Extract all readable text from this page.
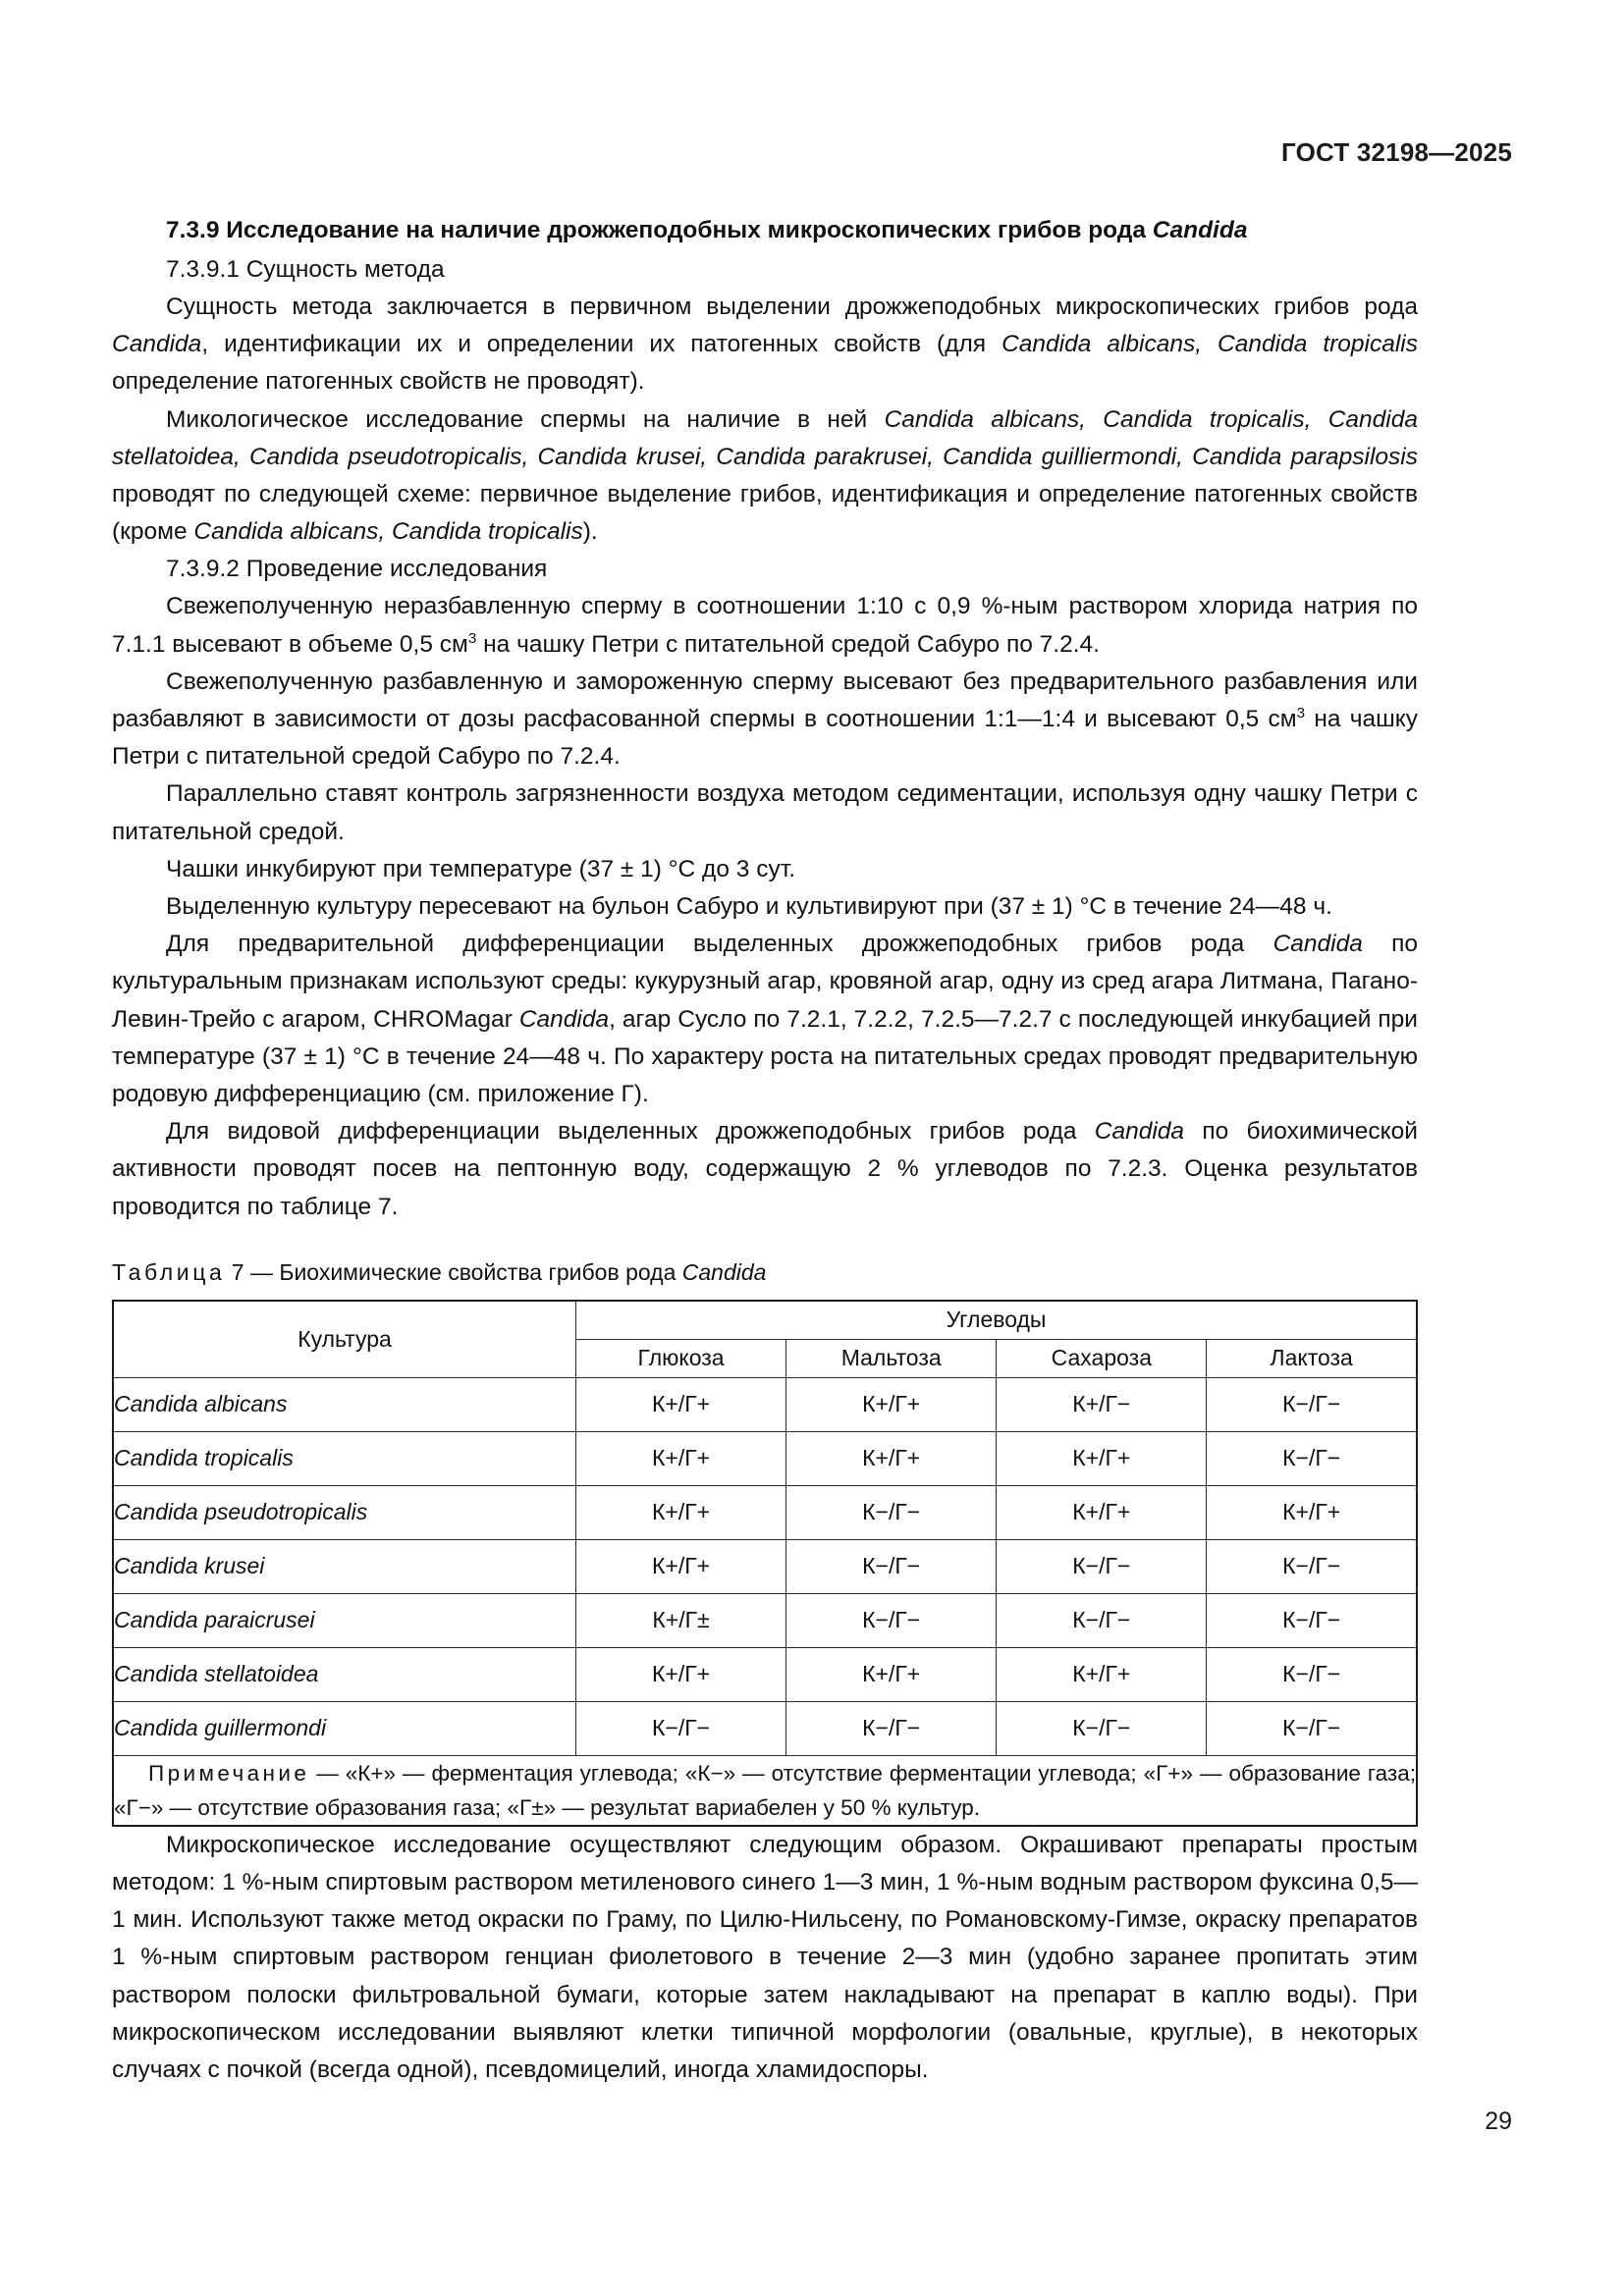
ГОСТ 32198—2025
7.3.9 Исследование на наличие дрожжеподобных микроскопических грибов рода Candida

7.3.9.1 Сущность метода

Сущность метода заключается в первичном выделении дрожжеподобных микроскопических грибов рода Candida, идентификации их и определении их патогенных свойств (для Candida albicans, Candida tropicalis определение патогенных свойств не проводят).

Микологическое исследование спермы на наличие в ней Candida albicans, Candida tropicalis, Candida stellatoidea, Candida pseudotropicalis, Candida krusei, Candida parakrusei, Candida guilliermondi, Candida parapsilosis проводят по следующей схеме: первичное выделение грибов, идентификация и определение патогенных свойств (кроме Candida albicans, Candida tropicalis).

7.3.9.2 Проведение исследования

Свежеполученную неразбавленную сперму в соотношении 1:10 с 0,9 %-ным раствором хлорида натрия по 7.1.1 высевают в объеме 0,5 $см^3$ на чашку Петри с питательной средой Сабуро по 7.2.4.

Свежеполученную разбавленную и замороженную сперму высевают без предварительного разбавления или разбавляют в зависимости от дозы расфасованной спермы в соотношении 1:1—1:4 и высевают 0,5 $см^3$ на чашку Петри с питательной средой Сабуро по 7.2.4.

Параллельно ставят контроль загрязненности воздуха методом седиментации, используя одну чашку Петри с питательной средой.

Чашки инкубируют при температуре (37 ± 1) °С до 3 сут.

Выделенную культуру пересевают на бульон Сабуро и культивируют при (37 ± 1) °С в течение 24—48 ч.

Для предварительной дифференциации выделенных дрожжеподобных грибов рода Candida по культуральным признакам используют среды: кукурузный агар, кровяной агар, одну из сред агара Литмана, Пагано-Левин-Трейо с агаром, CHROMagar Candida, агар Сусло по 7.2.1, 7.2.2, 7.2.5—7.2.7 с последующей инкубацией при температуре (37 ± 1) °С в течение 24—48 ч. По характеру роста на питательных средах проводят предварительную родовую дифференциацию (см. приложение Г).

Для видовой дифференциации выделенных дрожжеподобных грибов рода Candida по биохимической активности проводят посев на пептонную воду, содержащую 2 % углеводов по 7.2.3. Оценка результатов проводится по таблице 7.

Таблица 7 — Биохимические свойства грибов рода Candida
Культура	Углеводы			
	Глюкоза	Мальтоза	Сахароза	Лактоза
Candida albicans	К+/Г+	К+/Г+	К+/Г−	К−/Г−
Candida tropicalis	К+/Г+	К+/Г+	К+/Г+	К−/Г−
Candida pseudotropicalis	К+/Г+	К−/Г−	К+/Г+	К+/Г+
Candida krusei	К+/Г+	К−/Г−	К−/Г−	К−/Г−
Candida paraicrusei	К+/Г±	К−/Г−	К−/Г−	К−/Г−
Candida stellatoidea	К+/Г+	К+/Г+	К+/Г+	К−/Г−
Candida guillermondi	К−/Г−	К−/Г−	К−/Г−	К−/Г−
Примечание — «К+» — ферментация углевода; «К−» — отсутствие ферментации углевода; «Г+» — образование газа; «Г−» — отсутствие образования газа; «Г±» — результат вариабелен у 50 % культур.				

Микроскопическое исследование осуществляют следующим образом. Окрашивают препараты простым методом: 1 %-ным спиртовым раствором метиленового синего 1—3 мин, 1 %-ным водным раствором фуксина 0,5—1 мин. Используют также метод окраски по Граму, по Цилю-Нильсену, по Романовскому-Гимзе, окраску препаратов 1 %-ным спиртовым раствором генциан фиолетового в течение 2—3 мин (удобно заранее пропитать этим раствором полоски фильтровальной бумаги, которые затем накладывают на препарат в каплю воды). При микроскопическом исследовании выявляют клетки типичной морфологии (овальные, круглые), в некоторых случаях с почкой (всегда одной), псевдомицелий, иногда хламидоспоры.

29
